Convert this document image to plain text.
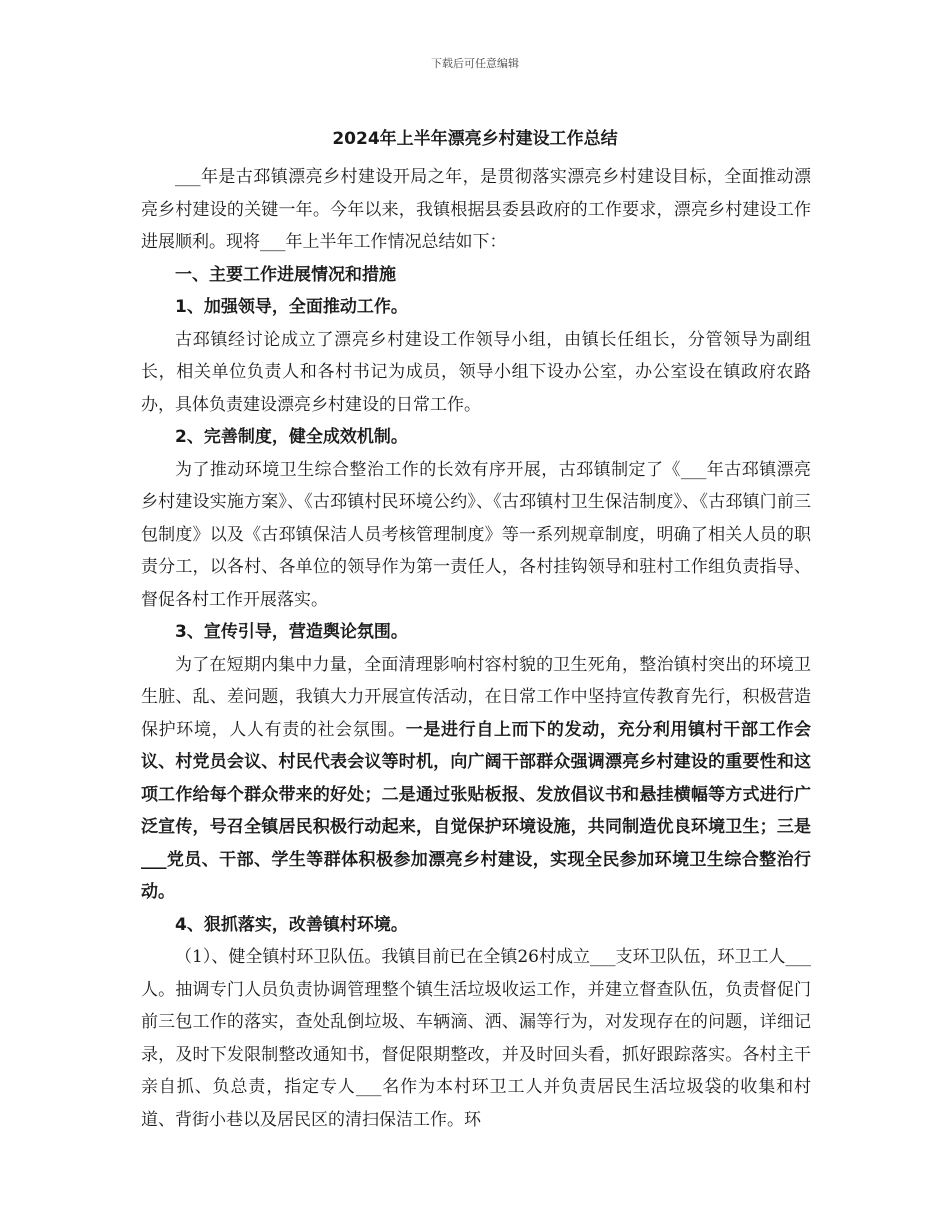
下载后可任意编辑
2024年上半年漂亮乡村建设工作总结

___年是古邳镇漂亮乡村建设开局之年，是贯彻落实漂亮乡村建设目标，全面推动漂亮乡村建设的关键一年。今年以来，我镇根据县委县政府的工作要求，漂亮乡村建设工作进展顺利。现将___年上半年工作情况总结如下：

一、主要工作进展情况和措施

1、加强领导，全面推动工作。

古邳镇经讨论成立了漂亮乡村建设工作领导小组，由镇长任组长，分管领导为副组长，相关单位负责人和各村书记为成员，领导小组下设办公室，办公室设在镇政府农路办，具体负责建设漂亮乡村建设的日常工作。

2、完善制度，健全成效机制。

为了推动环境卫生综合整治工作的长效有序开展，古邳镇制定了《___年古邳镇漂亮乡村建设实施方案》、《古邳镇村民环境公约》、《古邳镇村卫生保洁制度》、《古邳镇门前三包制度》以及《古邳镇保洁人员考核管理制度》等一系列规章制度，明确了相关人员的职责分工，以各村、各单位的领导作为第一责任人，各村挂钩领导和驻村工作组负责指导、督促各村工作开展落实。

3、宣传引导，营造舆论氛围。

为了在短期内集中力量，全面清理影响村容村貌的卫生死角，整治镇村突出的环境卫生脏、乱、差问题，我镇大力开展宣传活动，在日常工作中坚持宣传教育先行，积极营造保护环境，人人有责的社会氛围。一是进行自上而下的发动，充分利用镇村干部工作会议、村党员会议、村民代表会议等时机，向广阔干部群众强调漂亮乡村建设的重要性和这项工作给每个群众带来的好处；二是通过张贴板报、发放倡议书和悬挂横幅等方式进行广泛宣传，号召全镇居民积极行动起来，自觉保护环境设施，共同制造优良环境卫生；三是___党员、干部、学生等群体积极参加漂亮乡村建设，实现全民参加环境卫生综合整治行动。

4、狠抓落实，改善镇村环境。

（1）、健全镇村环卫队伍。我镇目前已在全镇26村成立___支环卫队伍，环卫工人___人。抽调专门人员负责协调管理整个镇生活垃圾收运工作，并建立督查队伍，负责督促门前三包工作的落实，查处乱倒垃圾、车辆滴、洒、漏等行为，对发现存在的问题，详细记录，及时下发限制整改通知书，督促限期整改，并及时回头看，抓好跟踪落实。各村主干亲自抓、负总责，指定专人___名作为本村环卫工人并负责居民生活垃圾袋的收集和村道、背街小巷以及居民区的清扫保洁工作。环
